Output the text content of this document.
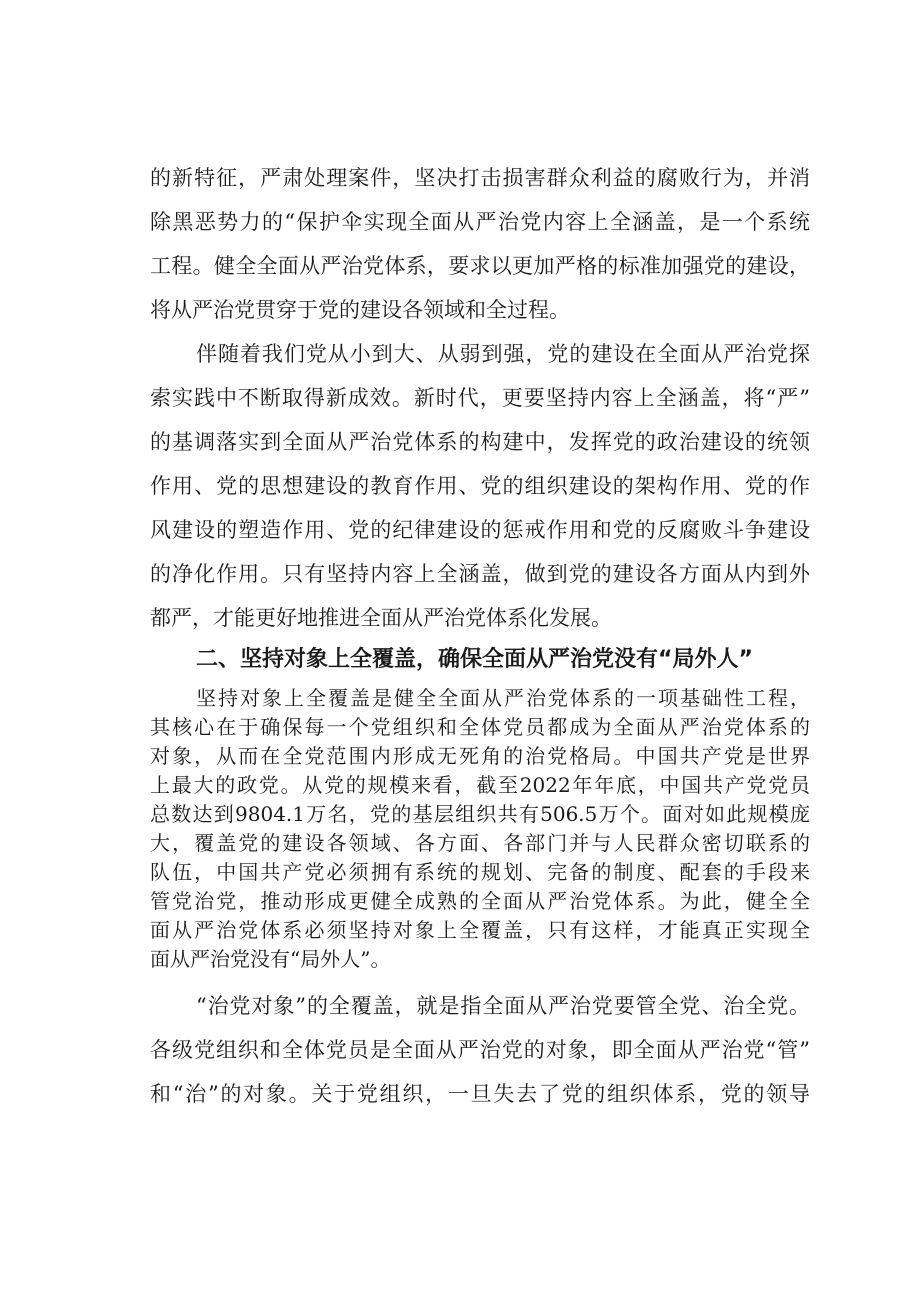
的新特征，严肃处理案件，坚决打击损害群众利益的腐败行为，并消

除黑恶势力的“保护伞实现全面从严治党内容上全涵盖，是一个系统

工程。健全全面从严治党体系，要求以更加严格的标准加强党的建设，

将从严治党贯穿于党的建设各领域和全过程。

伴随着我们党从小到大、从弱到强，党的建设在全面从严治党探

索实践中不断取得新成效。新时代，更要坚持内容上全涵盖，将“严”

的基调落实到全面从严治党体系的构建中，发挥党的政治建设的统领

作用、党的思想建设的教育作用、党的组织建设的架构作用、党的作

风建设的塑造作用、党的纪律建设的惩戒作用和党的反腐败斗争建设

的净化作用。只有坚持内容上全涵盖，做到党的建设各方面从内到外

都严，才能更好地推进全面从严治党体系化发展。

二、坚持对象上全覆盖，确保全面从严治党没有“局外人”

坚持对象上全覆盖是健全全面从严治党体系的一项基础性工程，

其核心在于确保每一个党组织和全体党员都成为全面从严治党体系的

对象，从而在全党范围内形成无死角的治党格局。中国共产党是世界

上最大的政党。从党的规模来看，截至2022年年底，中国共产党党员

总数达到9804.1万名，党的基层组织共有506.5万个。面对如此规模庞

大，覆盖党的建设各领域、各方面、各部门并与人民群众密切联系的

队伍，中国共产党必须拥有系统的规划、完备的制度、配套的手段来

管党治党，推动形成更健全成熟的全面从严治党体系。为此，健全全

面从严治党体系必须坚持对象上全覆盖，只有这样，才能真正实现全

面从严治党没有“局外人”。

“治党对象”的全覆盖，就是指全面从严治党要管全党、治全党。

各级党组织和全体党员是全面从严治党的对象，即全面从严治党“管”

和“治”的对象。关于党组织，一旦失去了党的组织体系，党的领导
